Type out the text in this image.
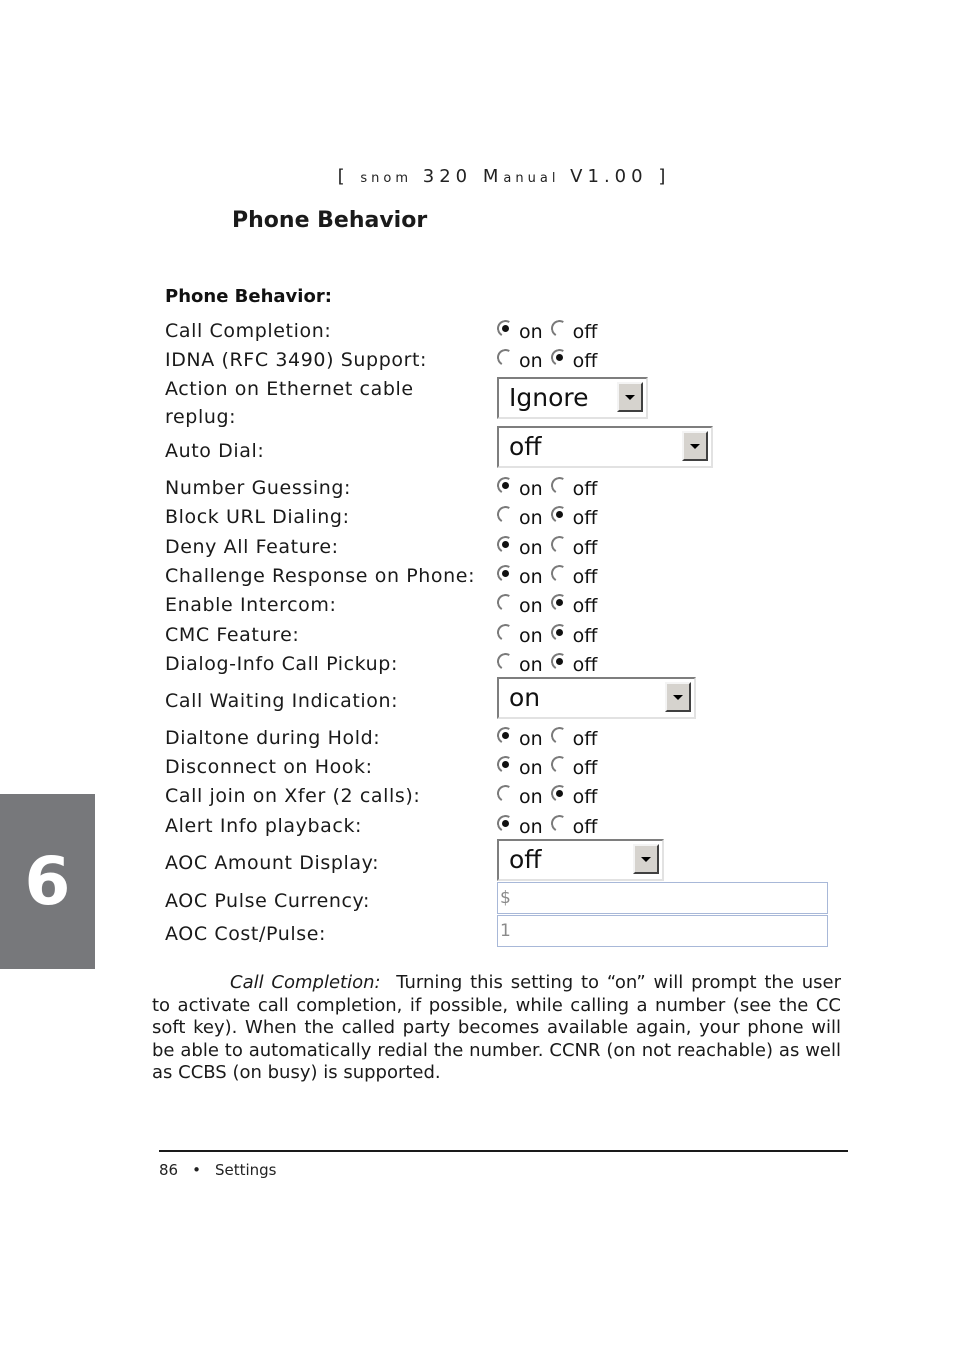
[ snom 320 Manual V1.00 ]
Phone Behavior
Phone Behavior:
Call Completion:	on off
IDNA (RFC 3490) Support:	on off
Action on Ethernet cable
replug:
Ignore
Auto Dial:	off
Number Guessing:	on off
Block URL Dialing:	on off
Deny All Feature:	on off
Challenge Response on Phone: on off
Enable Intercom:	on off
CMC Feature:	on off
Dialog-Info Call Pickup:	on off
Call Waiting Indication:	on
Dialtone during Hold:	on off
Disconnect on Hook:	on off
Call join on Xfer (2 calls):	on off
Alert Info playback:	on off
AOC Amount Display:	off
AOC Pulse Currency:	$
AOC Cost/Pulse:	1
6
Call Completion: Turning this setting to “on” will prompt the user to activate call completion, if possible, while calling a number (see the CC soft key). When the called party becomes available again, your phone will be able to automatically redial the number. CCNR (on not reachable) as well as CCBS (on busy) is supported.
86 • Settings
